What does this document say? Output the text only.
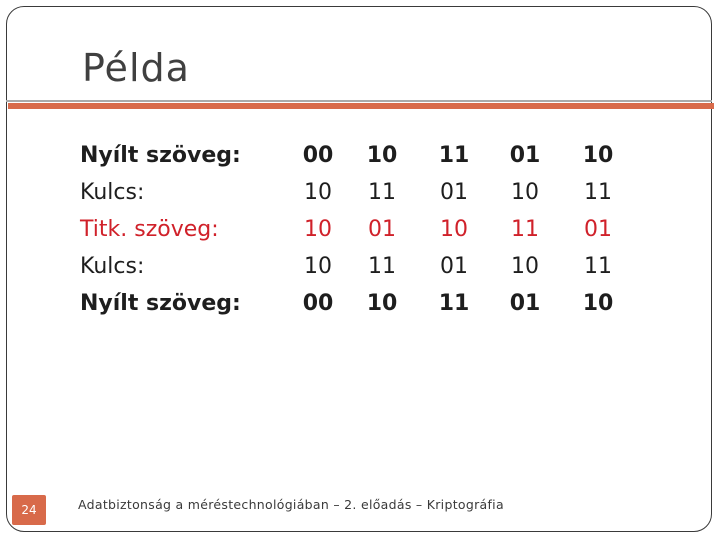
Példa
Nyílt szöveg:	00	10	11	01	10
Kulcs:	10	11	01	10	11
Titk. szöveg:	10	01	10	11	01
Kulcs:	10	11	01	10	11
Nyílt szöveg:	00	10	11	01	10
24	Adatbiztonság a méréstechnológiában – 2. előadás – Kriptográfia
